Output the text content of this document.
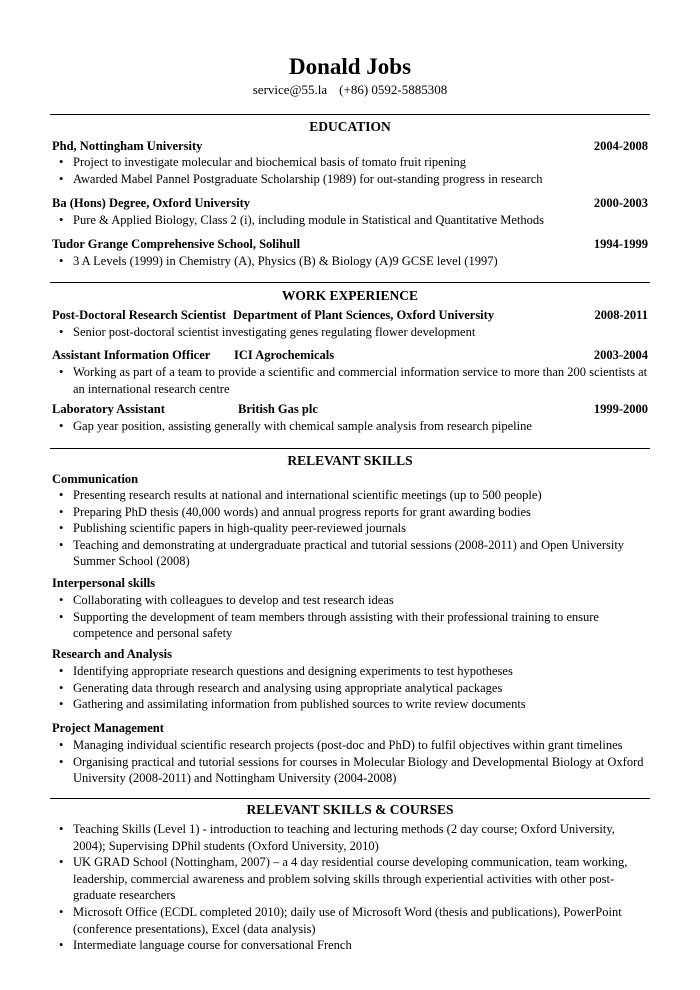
Donald Jobs
service@55.la (+86) 0592-5885308
EDUCATION
Phd, Nottingham University	2004-2008
• Project to investigate molecular and biochemical basis of tomato fruit ripening
• Awarded Mabel Pannel Postgraduate Scholarship (1989) for out-standing progress in research
Ba (Hons) Degree, Oxford University	2000-2003
• Pure & Applied Biology, Class 2 (i), including module in Statistical and Quantitative Methods
Tudor Grange Comprehensive School, Solihull	1994-1999
• 3 A Levels (1999) in Chemistry (A), Physics (B) & Biology (A)9 GCSE level (1997)
WORK EXPERIENCE
Post-Doctoral Research Scientist Department of Plant Sciences, Oxford University	2008-2011
• Senior post-doctoral scientist investigating genes regulating flower development
Assistant Information Officer ICI Agrochemicals	2003-2004
• Working as part of a team to provide a scientific and commercial information service to more than 200 scientists at an international research centre
Laboratory Assistant	British Gas plc	1999-2000
• Gap year position, assisting generally with chemical sample analysis from research pipeline
RELEVANT SKILLS
Communication
• Presenting research results at national and international scientific meetings (up to 500 people)
• Preparing PhD thesis (40,000 words) and annual progress reports for grant awarding bodies
• Publishing scientific papers in high-quality peer-reviewed journals
• Teaching and demonstrating at undergraduate practical and tutorial sessions (2008-2011) and Open University Summer School (2008)
Interpersonal skills
• Collaborating with colleagues to develop and test research ideas
• Supporting the development of team members through assisting with their professional training to ensure competence and personal safety
Research and Analysis
• Identifying appropriate research questions and designing experiments to test hypotheses
• Generating data through research and analysing using appropriate analytical packages
• Gathering and assimilating information from published sources to write review documents
Project Management
• Managing individual scientific research projects (post-doc and PhD) to fulfil objectives within grant timelines
• Organising practical and tutorial sessions for courses in Molecular Biology and Developmental Biology at Oxford University (2008-2011) and Nottingham University (2004-2008)
RELEVANT SKILLS & COURSES
• Teaching Skills (Level 1) - introduction to teaching and lecturing methods (2 day course; Oxford University, 2004); Supervising DPhil students (Oxford University, 2010)
• UK GRAD School (Nottingham, 2007) – a 4 day residential course developing communication, team working, leadership, commercial awareness and problem solving skills through experiential activities with other post-graduate researchers
• Microsoft Office (ECDL completed 2010); daily use of Microsoft Word (thesis and publications), PowerPoint (conference presentations), Excel (data analysis)
• Intermediate language course for conversational French
